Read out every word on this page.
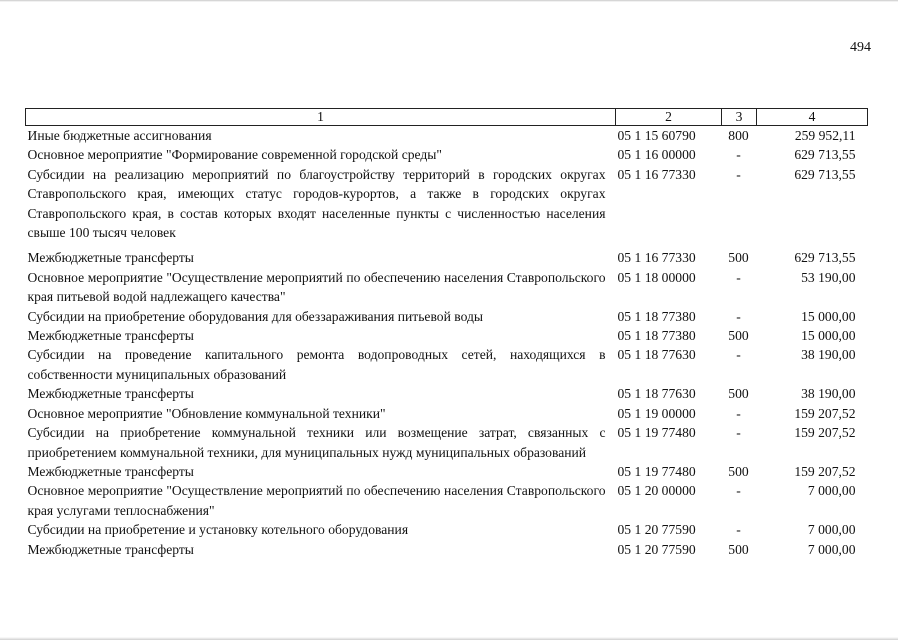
494
1	2	3	4
Иные бюджетные ассигнования	05 1 15 60790	800	259 952,11
Основное мероприятие "Формирование современной городской среды"	05 1 16 00000	-	629 713,55
Субсидии на реализацию мероприятий по благоустройству территорий в городских округах Ставропольского края, имеющих статус городов-курортов, а также в городских округах Ставропольского края, в состав которых входят населенные пункты с численностью населения свыше 100 тысяч человек	05 1 16 77330	-	629 713,55
Межбюджетные трансферты	05 1 16 77330	500	629 713,55
Основное мероприятие "Осуществление мероприятий по обеспечению населения Ставропольского края питьевой водой надлежащего качества"	05 1 18 00000	-	53 190,00
Субсидии на приобретение оборудования для обеззараживания питьевой воды	05 1 18 77380	-	15 000,00
Межбюджетные трансферты	05 1 18 77380	500	15 000,00
Субсидии на проведение капитального ремонта водопроводных сетей, находящихся в собственности муниципальных образований	05 1 18 77630	-	38 190,00
Межбюджетные трансферты	05 1 18 77630	500	38 190,00
Основное мероприятие "Обновление коммунальной техники"	05 1 19 00000	-	159 207,52
Субсидии на приобретение коммунальной техники или возмещение затрат, связанных с приобретением коммунальной техники, для муниципальных нужд муниципальных образований	05 1 19 77480	-	159 207,52
Межбюджетные трансферты	05 1 19 77480	500	159 207,52
Основное мероприятие "Осуществление мероприятий по обеспечению населения Ставропольского края услугами теплоснабжения"	05 1 20 00000	-	7 000,00
Субсидии на приобретение и установку котельного оборудования	05 1 20 77590	-	7 000,00
Межбюджетные трансферты	05 1 20 77590	500	7 000,00
